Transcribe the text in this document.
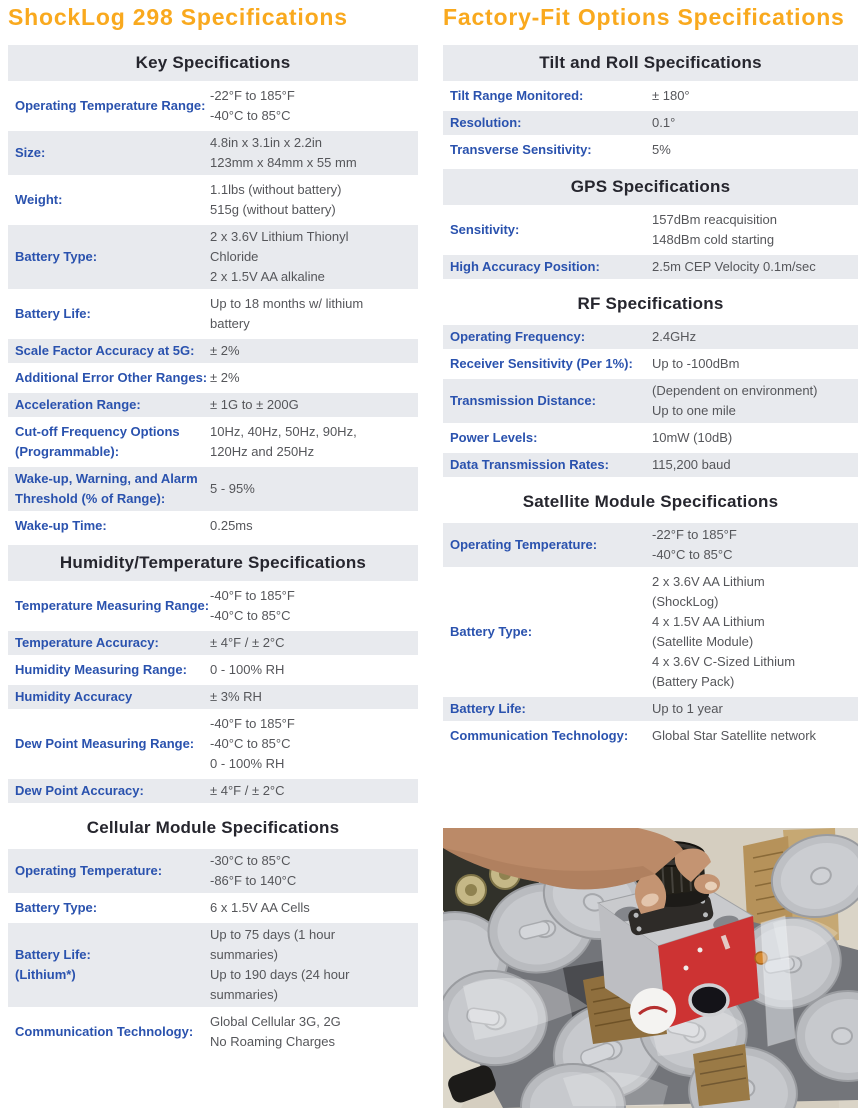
ShockLog 298 Specifications
Key Specifications
Operating Temperature Range:
-22°F to 185°F
-40°C to 85°C
Size:
4.8in x 3.1in x 2.2in
123mm x 84mm x 55 mm
Weight:
1.1lbs (without battery)
515g (without battery)
Battery Type:
2 x 3.6V Lithium Thionyl
Chloride
2 x 1.5V AA alkaline
Battery Life:
Up to 18 months w/ lithium
battery
Scale Factor Accuracy at 5G:	± 2%
Additional Error Other Ranges: ± 2%
Acceleration Range:	± 1G to ± 200G
Cut-off Frequency Options
(Programmable):
10Hz, 40Hz, 50Hz, 90Hz,
120Hz and 250Hz
Wake-up, Warning, and Alarm
Threshold (% of Range):
5 - 95%
Wake-up Time:	0.25ms
Humidity/Temperature Specifications
Temperature Measuring Range:
-40°F to 185°F
-40°C to 85°C
Temperature Accuracy:	± 4°F / ± 2°C
Humidity Measuring Range:	0 - 100% RH
Humidity Accuracy	± 3% RH
Dew Point Measuring Range:
-40°F to 185°F
-40°C to 85°C
0 - 100% RH
Dew Point Accuracy:	± 4°F / ± 2°C
Cellular Module Specifications
Operating Temperature:
-30°C to 85°C
-86°F to 140°C
Battery Type:	6 x 1.5V AA Cells
Battery Life:
(Lithium*)
Up to 75 days (1 hour
summaries)
Up to 190 days (24 hour
summaries)
Communication Technology:
Global Cellular 3G, 2G
No Roaming Charges
Factory-Fit Options Specifications
Tilt and Roll Specifications
Tilt Range Monitored:	± 180°
Resolution:	0.1°
Transverse Sensitivity:	5%
GPS Specifications
Sensitivity:
157dBm reacquisition
148dBm cold starting
High Accuracy Position:	2.5m CEP Velocity 0.1m/sec
RF Specifications
Operating Frequency:	2.4GHz
Receiver Sensitivity (Per 1%):	Up to -100dBm
Transmission Distance:
(Dependent on environment)
Up to one mile
Power Levels:	10mW (10dB)
Data Transmission Rates:	115,200 baud
Satellite Module Specifications
Operating Temperature:
-22°F to 185°F
-40°C to 85°C
Battery Type:
2 x 3.6V AA Lithium
(ShockLog)
4 x 1.5V AA Lithium
(Satellite Module)
4 x 3.6V C-Sized Lithium
(Battery Pack)
Battery Life:	Up to 1 year
Communication Technology:	Global Star Satellite network
